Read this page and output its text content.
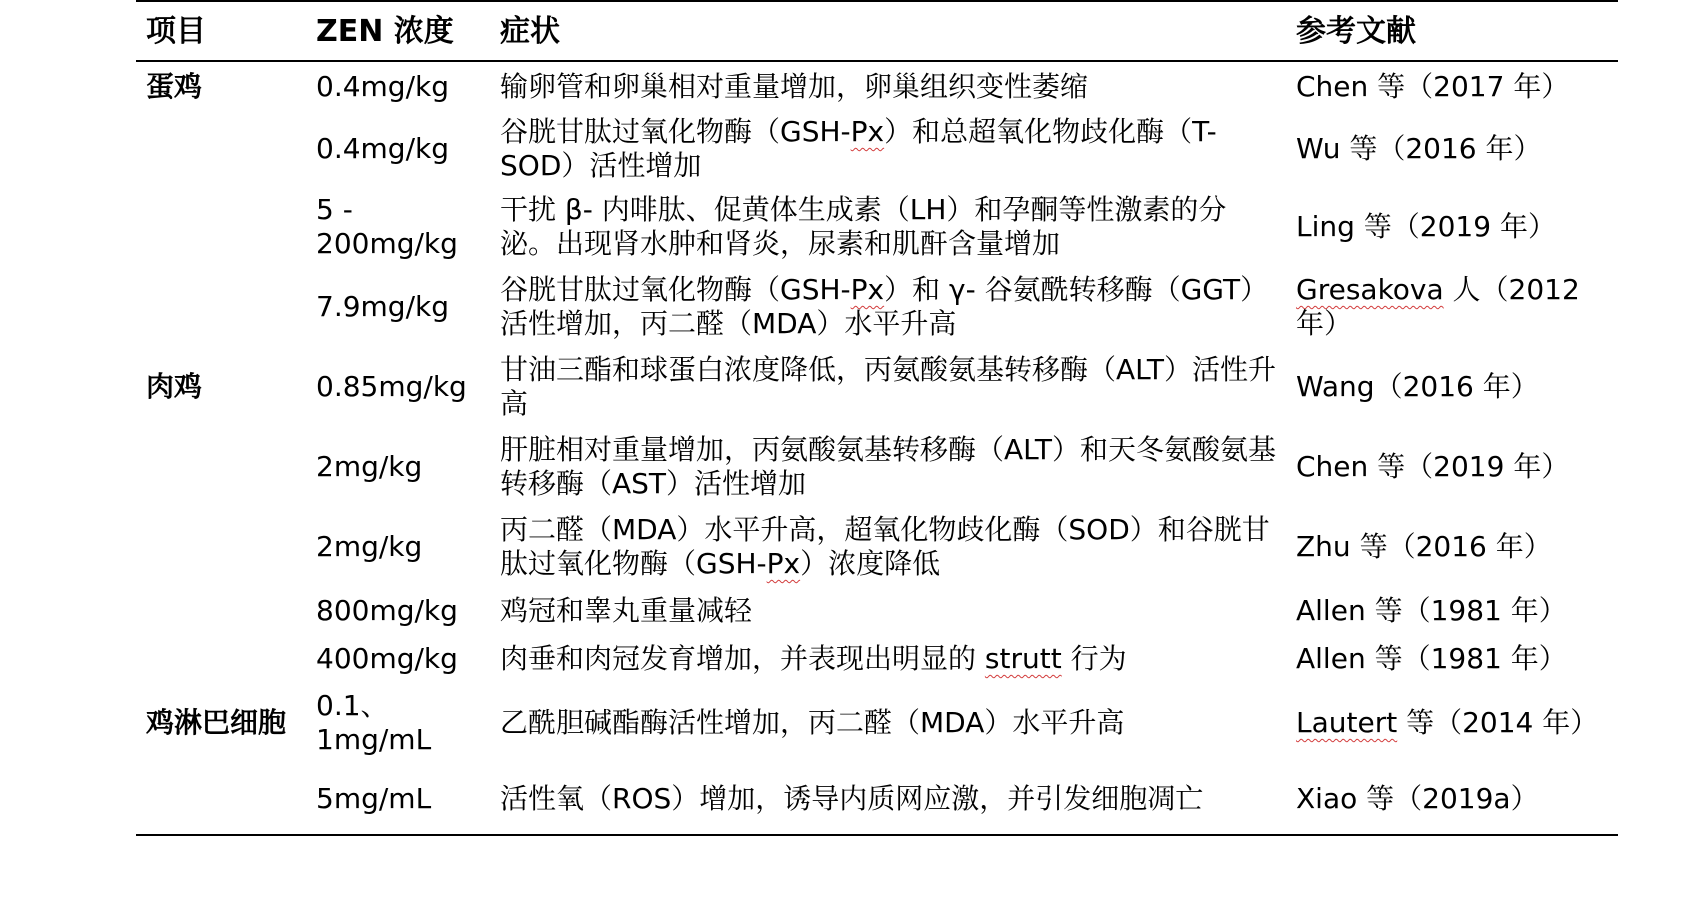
项目	ZEN 浓度	症状	参考文献
蛋鸡	0.4mg/kg	输卵管和卵巢相对重量增加，卵巢组织变性萎缩	Chen 等（2017 年）
	0.4mg/kg	谷胱甘肽过氧化物酶（GSH-Px）和总超氧化物歧化酶（T-SOD）活性增加	Wu 等（2016 年）
	5 - 200mg/kg	干扰 β- 内啡肽、促黄体生成素（LH）和孕酮等性激素的分泌。出现肾水肿和肾炎，尿素和肌酐含量增加	Ling 等（2019 年）
	7.9mg/kg	谷胱甘肽过氧化物酶（GSH-Px）和 γ- 谷氨酰转移酶（GGT）活性增加，丙二醛（MDA）水平升高	Gresakova 人（2012 年）
肉鸡	0.85mg/kg	甘油三酯和球蛋白浓度降低，丙氨酸氨基转移酶（ALT）活性升高	Wang（2016 年）
	2mg/kg	肝脏相对重量增加，丙氨酸氨基转移酶（ALT）和天冬氨酸氨基转移酶（AST）活性增加	Chen 等（2019 年）
	2mg/kg	丙二醛（MDA）水平升高，超氧化物歧化酶（SOD）和谷胱甘肽过氧化物酶（GSH-Px）浓度降低	Zhu 等（2016 年）
	800mg/kg	鸡冠和睾丸重量减轻	Allen 等（1981 年）
	400mg/kg	肉垂和肉冠发育增加，并表现出明显的 strutt 行为	Allen 等（1981 年）
鸡淋巴细胞	0.1、1mg/mL	乙酰胆碱酯酶活性增加，丙二醛（MDA）水平升高	Lautert 等（2014 年）
	5mg/mL	活性氧（ROS）增加，诱导内质网应激，并引发细胞凋亡	Xiao 等（2019a）
